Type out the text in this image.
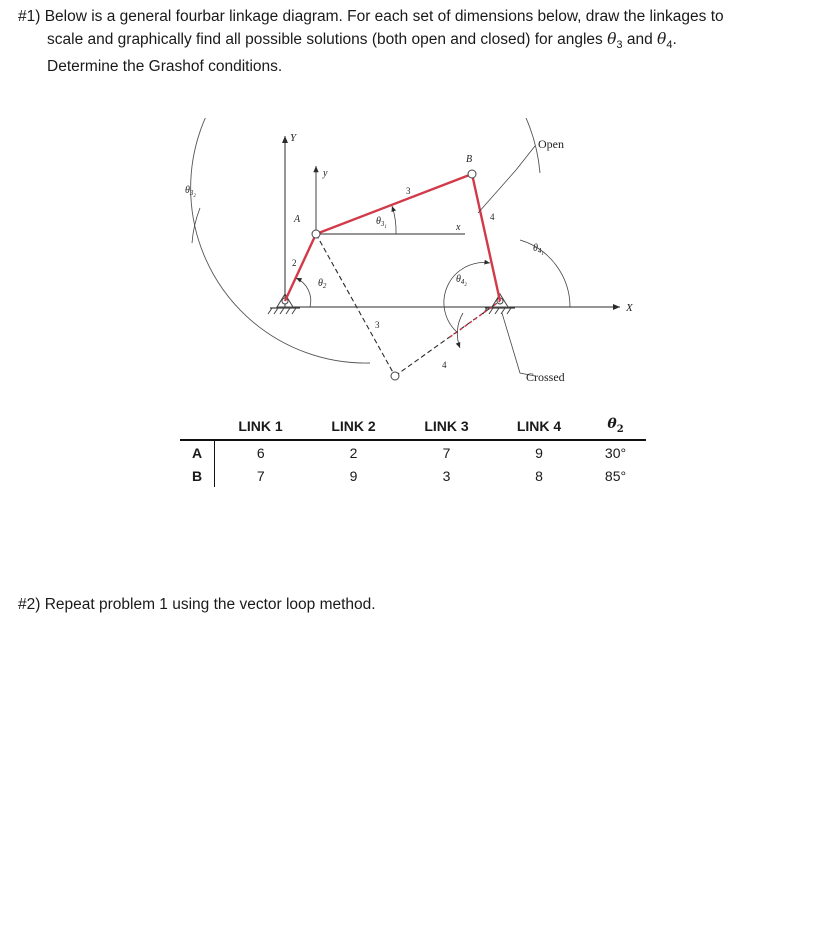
#1) Below is a general fourbar linkage diagram. For each set of dimensions below, draw the linkages to
scale and graphically find all possible solutions (both open and closed) for angles $\theta_3$ and $\theta_4$.
Determine the Grashof conditions.
Open
Crossed
X
Y
x
y
A
B
2
3
4
3
4
$\theta_2$
$\theta_{31}$
$\theta_{32}$
$\theta_{41}$
$\theta_{42}$
	LINK 1	LINK 2	LINK 3	LINK 4	$\theta_2$
A	6	2	7	9	30°
B	7	9	3	8	85°
#2) Repeat problem 1 using the vector loop method.
